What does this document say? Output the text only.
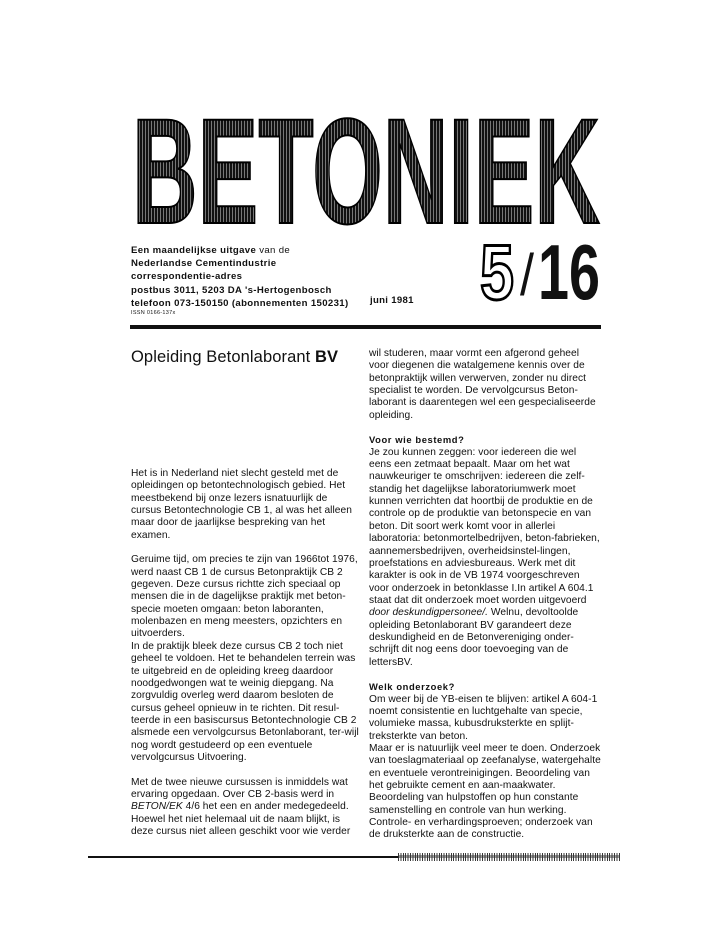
BETONIEK
Een maandelijkse uitgave van de
Nederlandse Cementindustrie
correspondentie-adres
postbus 3011, 5203 DA 's-Hertogenbosch
telefoon 073-150150 (abonnementen 150231) juni 1981
ISSN 0166-137x	5 / 16
Opleiding Betonlaborant BV

Het is in Nederland niet slecht gesteld met de opleidingen op betontechnologisch gebied. Het meestbekend bij onze lezers isnatuurlijk de cursus Betontechnologie CB 1, al was het alleen maar door de jaarlijkse bespreking van het examen.

Geruime tijd, om precies te zijn van 1966tot 1976, werd naast CB 1 de cursus Betonpraktijk CB 2 gegeven. Deze cursus richtte zich speciaal op mensen die in de dagelijkse praktijk met beton-specie moeten omgaan: beton laboranten, molenbazen en meng meesters, opzichters en uitvoerders.

In de praktijk bleek deze cursus CB 2 toch niet geheel te voldoen. Het te behandelen terrein was te uitgebreid en de opleiding kreeg daardoor noodgedwongen wat te weinig diepgang. Na zorgvuldig overleg werd daarom besloten de cursus geheel opnieuw in te richten. Dit resul-teerde in een basiscursus Betontechnologie CB 2 alsmede een vervolgcursus Betonlaborant, ter-wijl nog wordt gestudeerd op een eventuele vervolgcursus Uitvoering.

Met de twee nieuwe cursussen is inmiddels wat ervaring opgedaan. Over CB 2-basis werd in BETON/EK 4/6 het een en ander medegedeeld. Hoewel het niet helemaal uit de naam blijkt, is deze cursus niet alleen geschikt voor wie verder

wil studeren, maar vormt een afgerond geheel voor diegenen die watalgemene kennis over de betonpraktijk willen verwerven, zonder nu direct specialist te worden. De vervolgcursus Beton-laborant is daarentegen wel een gespecialiseerde opleiding.

Voor wie bestemd?

Je zou kunnen zeggen: voor iedereen die wel eens een zetmaat bepaalt. Maar om het wat nauwkeuriger te omschrijven: iedereen die zelf-standig het dagelijkse laboratoriumwerk moet kunnen verrichten dat hoortbij de produktie en de controle op de produktie van betonspecie en van beton. Dit soort werk komt voor in allerlei laboratoria: betonmortelbedrijven, beton-fabrieken, aannemersbedrijven, overheidsinstel-lingen, proefstations en adviesbureaus. Werk met dit karakter is ook in de VB 1974 voorgeschreven voor onderzoek in betonklasse I.In artikel A 604.1 staat dat dit onderzoek moet worden uitgevoerd door deskundigpersonee/. Welnu, devoltoolde opleiding Betonlaborant BV garandeert deze deskundigheid en de Betonvereniging onder-schrijft dit nog eens door toevoeging van de lettersBV.

Welk onderzoek?

Om weer bij de YB-eisen te blijven: artikel A 604-1 noemt consistentie en luchtgehalte van specie, volumieke massa, kubusdruksterkte en splijt-treksterkte van beton.

Maar er is natuurlijk veel meer te doen. Onderzoek van toeslagmateriaal op zeefanalyse, watergehalte en eventuele verontreinigingen. Beoordeling van het gebruikte cement en aan-maakwater. Beoordeling van hulpstoffen op hun constante samenstelling en controle van hun werking. Controle- en verhardingsproeven; onderzoek van de druksterkte aan de constructie.
